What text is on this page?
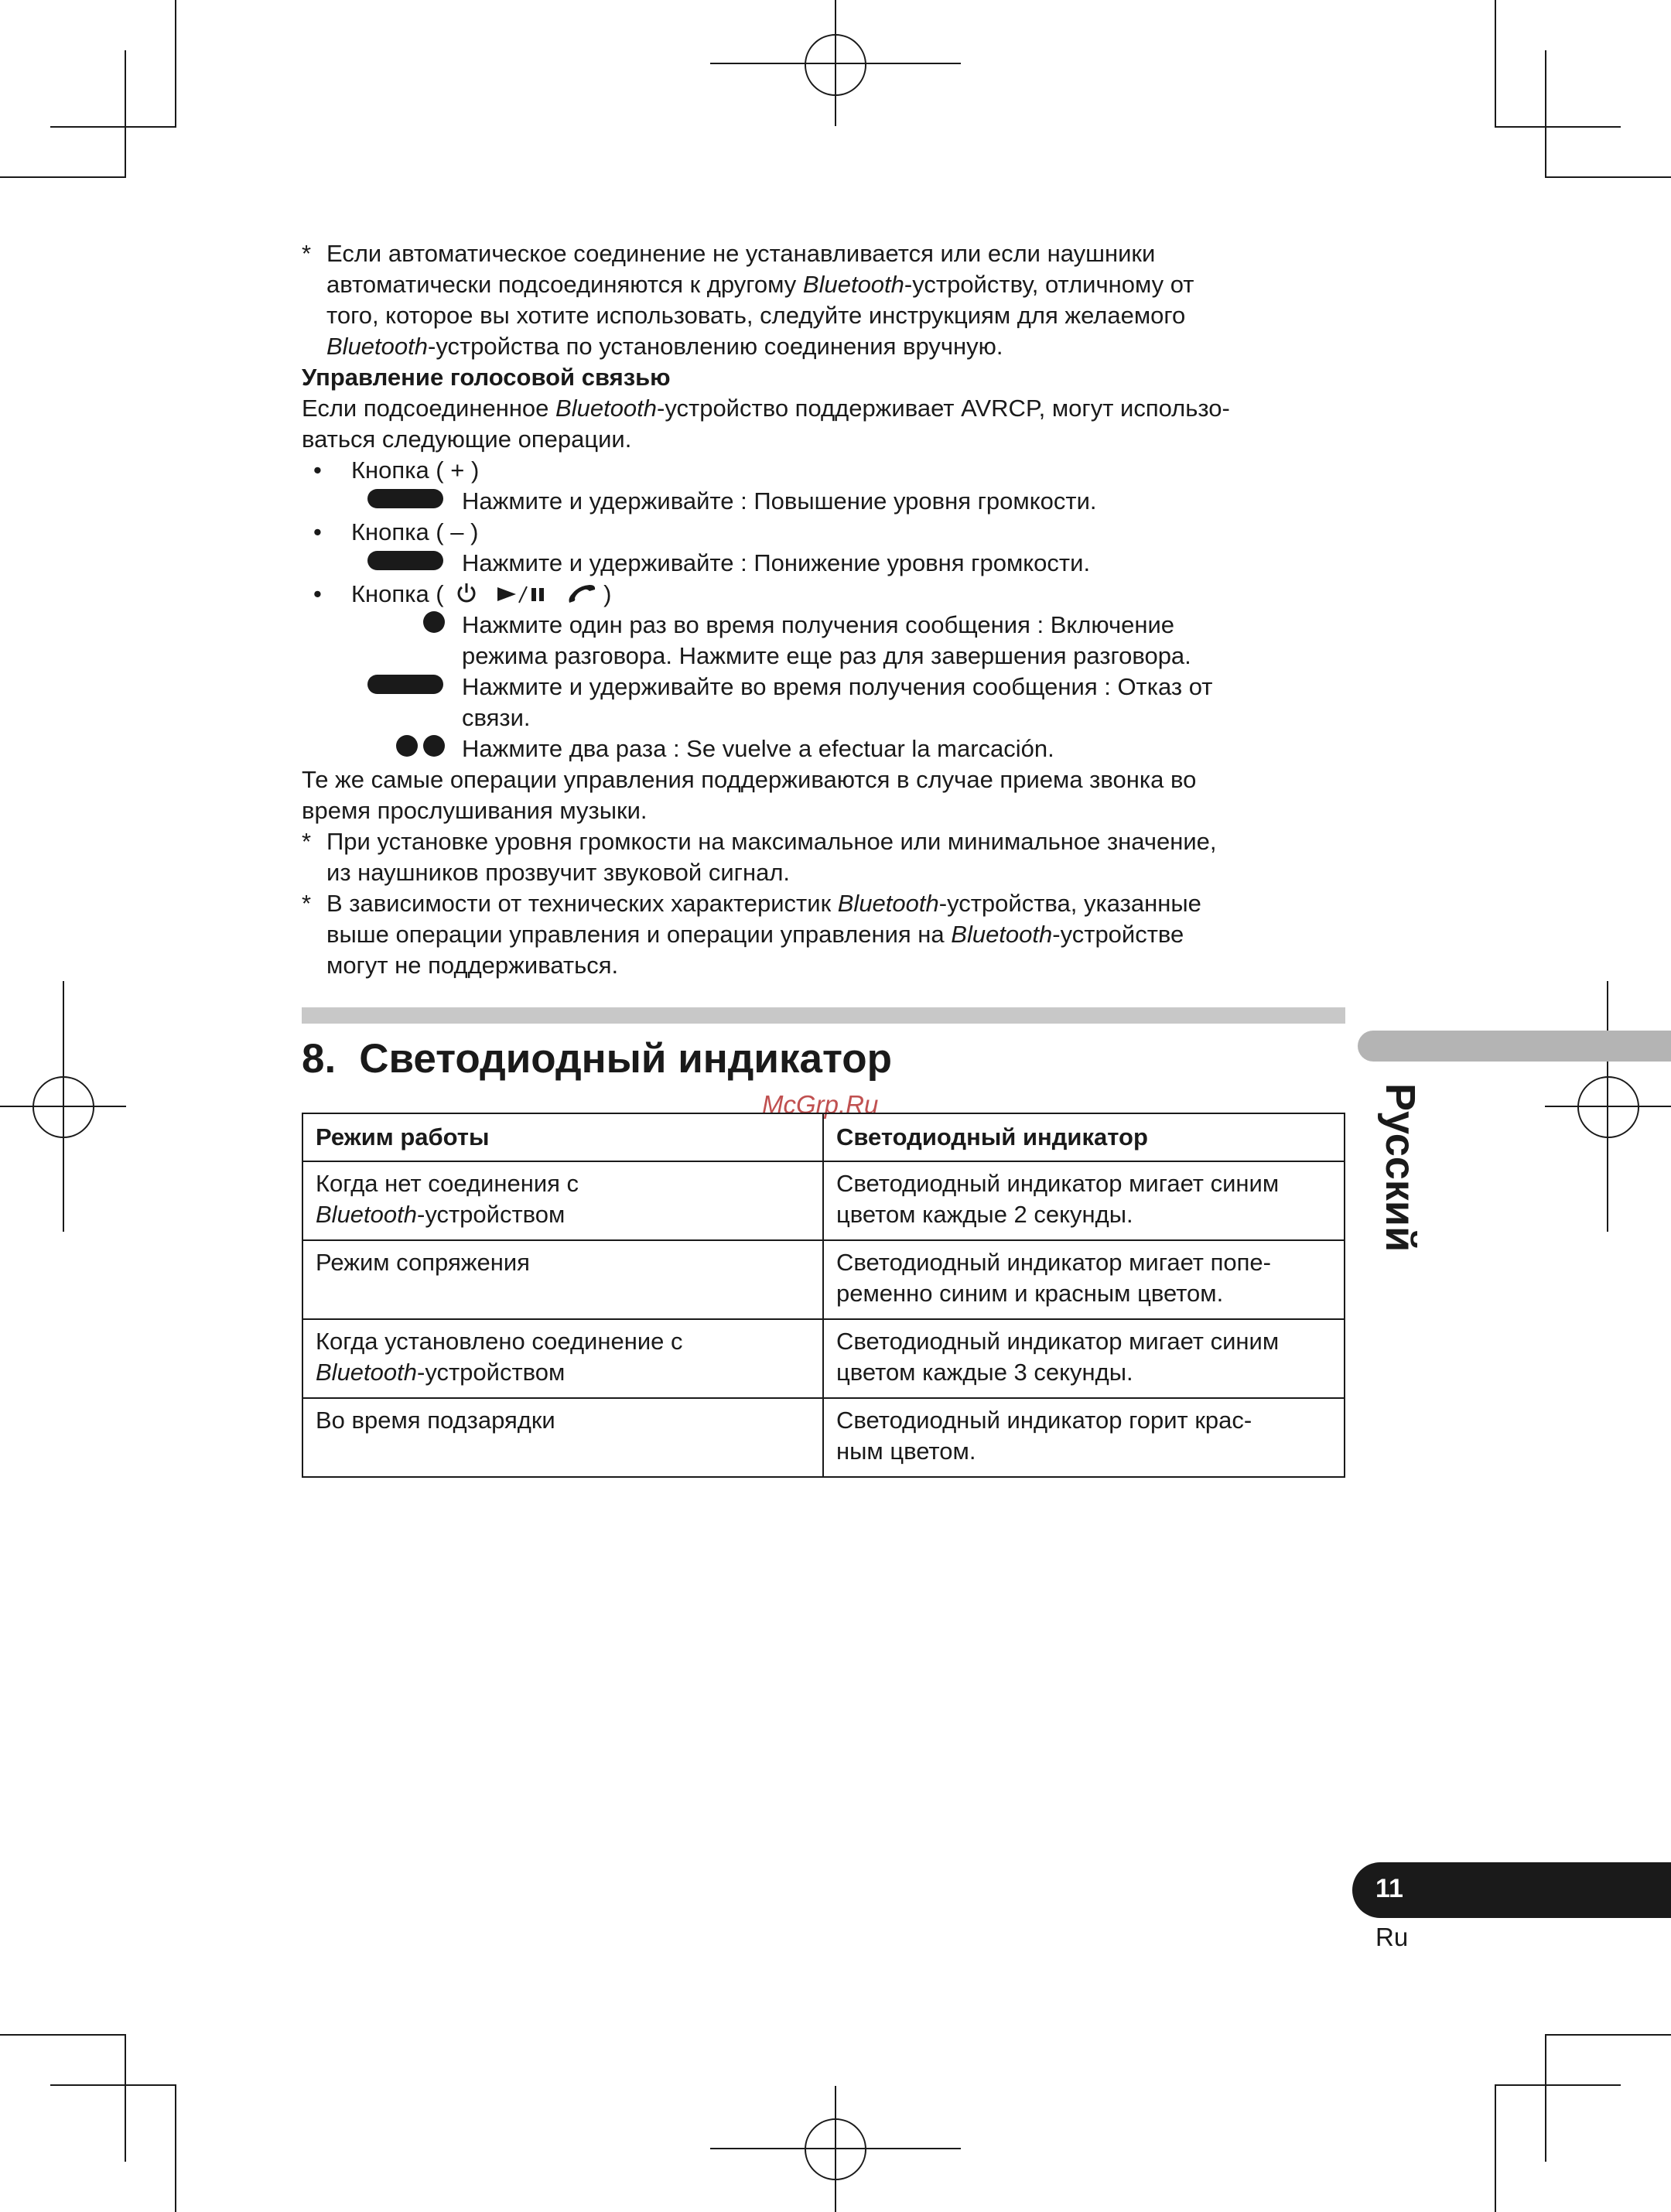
* Если автоматическое соединение не устанавливается или если наушники
автоматически подсоединяются к другому Bluetooth-устройству, отличному от
того, которое вы хотите использовать, следуйте инструкциям для желаемого
Bluetooth-устройства по установлению соединения вручную.
Управление голосовой связью
Если подсоединенное Bluetooth-устройство поддерживает AVRCP, могут использо-
ваться следующие операции.
• Кнопка ( + )
Нажмите и удерживайте : Повышение уровня громкости.
• Кнопка ( – )
Нажмите и удерживайте : Понижение уровня громкости.
• Кнопка (	)
Нажмите один раз во время получения сообщения : Включение
режима разговора. Нажмите еще раз для завершения разговора.
Нажмите и удерживайте во время получения сообщения : Отказ от
связи.
Нажмите два раза : Se vuelve a efectuar la marcación.
Те же самые операции управления поддерживаются в случае приема звонка во
время прослушивания музыки.
* При установке уровня громкости на максимальное или минимальное значение,
из наушников прозвучит звуковой сигнал.
* В зависимости от технических характеристик Bluetooth-устройства, указанные
выше операции управления и операции управления на Bluetooth-устройстве
могут не поддерживаться.
8. Светодиодный индикатор
McGrp.Ru
Режим работы	Светодиодный индикатор
Когда нет соединения с
Bluetooth-устройством	Светодиодный индикатор мигает синим
цветом каждые 2 секунды.
Режим сопряжения	Светодиодный индикатор мигает попе-
ременно синим и красным цветом.
Когда установлено соединение с
Bluetooth-устройством	Светодиодный индикатор мигает синим
цветом каждые 3 секунды.
Во время подзарядки	Светодиодный индикатор горит крас-
ным цветом.
Русский
11
Ru
